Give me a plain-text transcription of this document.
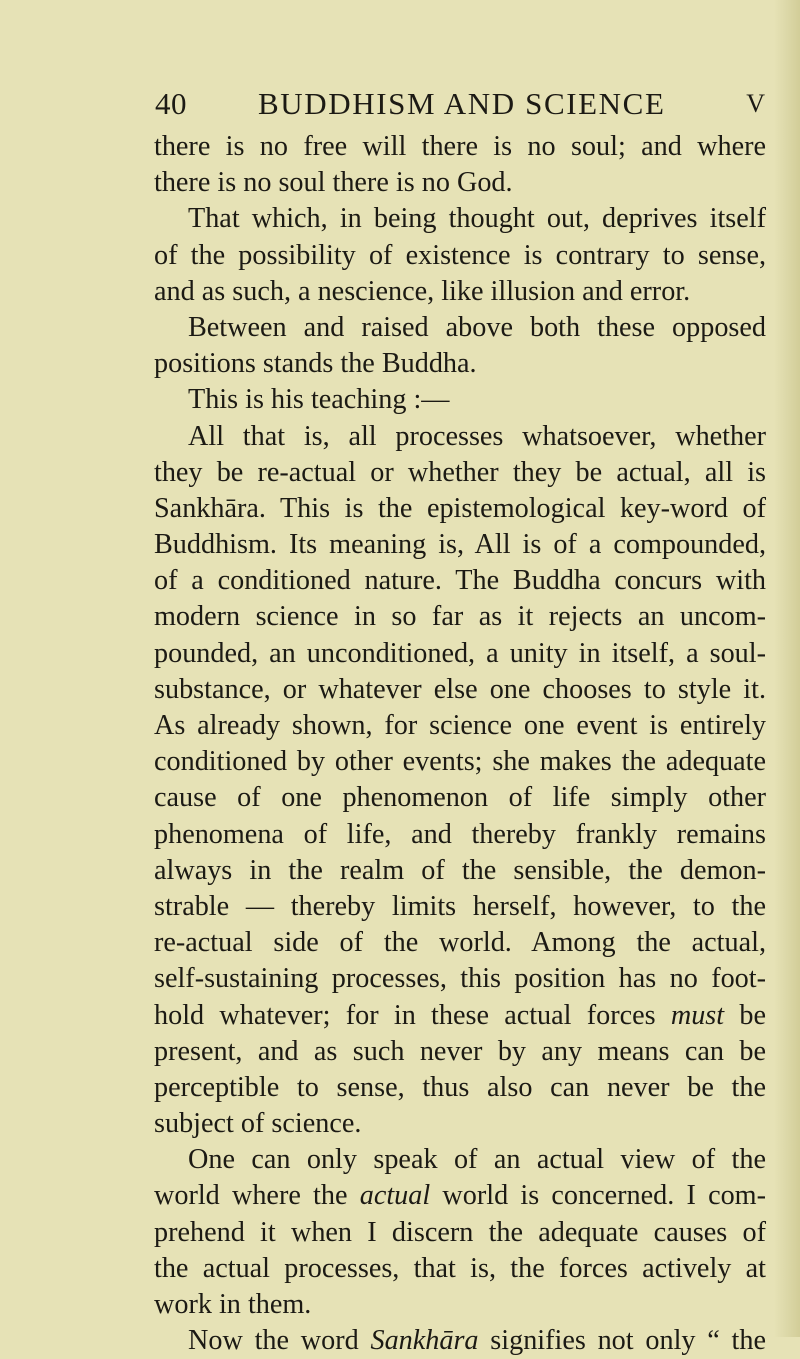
40 BUDDHISM AND SCIENCE	V
there is no free will there is no soul; and where
there is no soul there is no God.
That which, in being thought out, deprives itself
of the possibility of existence is contrary to sense,
and as such, a nescience, like illusion and error.
Between and raised above both these opposed
positions stands the Buddha.
This is his teaching :—
All that is, all processes whatsoever, whether
they be re-actual or whether they be actual, all is
Sankhāra. This is the epistemological key-word of
Buddhism. Its meaning is, All is of a compounded,
of a conditioned nature. The Buddha concurs with
modern science in so far as it rejects an uncom-
pounded, an unconditioned, a unity in itself, a soul-
substance, or whatever else one chooses to style it.
As already shown, for science one event is entirely
conditioned by other events; she makes the adequate
cause of one phenomenon of life simply other
phenomena of life, and thereby frankly remains
always in the realm of the sensible, the demon-
strable — thereby limits herself, however, to the
re-actual side of the world. Among the actual,
self-sustaining processes, this position has no foot-
hold whatever; for in these actual forces must be
present, and as such never by any means can be
perceptible to sense, thus also can never be the
subject of science.
One can only speak of an actual view of the
world where the actual world is concerned. I com-
prehend it when I discern the adequate causes of
the actual processes, that is, the forces actively at
work in them.
Now the word Sankhāra signifies not only “ the
